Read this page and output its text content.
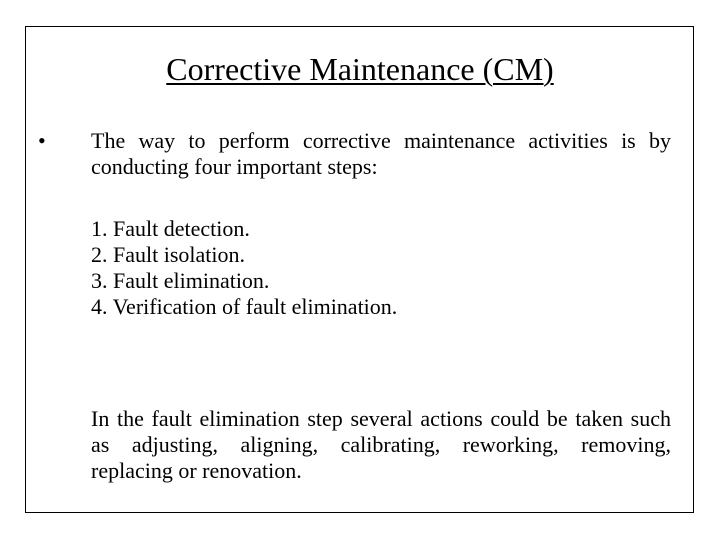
Corrective Maintenance (CM)
• The way to perform corrective maintenance activities is by conducting four important steps:
1. Fault detection.
2. Fault isolation.
3. Fault elimination.
4. Verification of fault elimination.
In the fault elimination step several actions could be taken such as adjusting, aligning, calibrating, reworking, removing, replacing or renovation.
